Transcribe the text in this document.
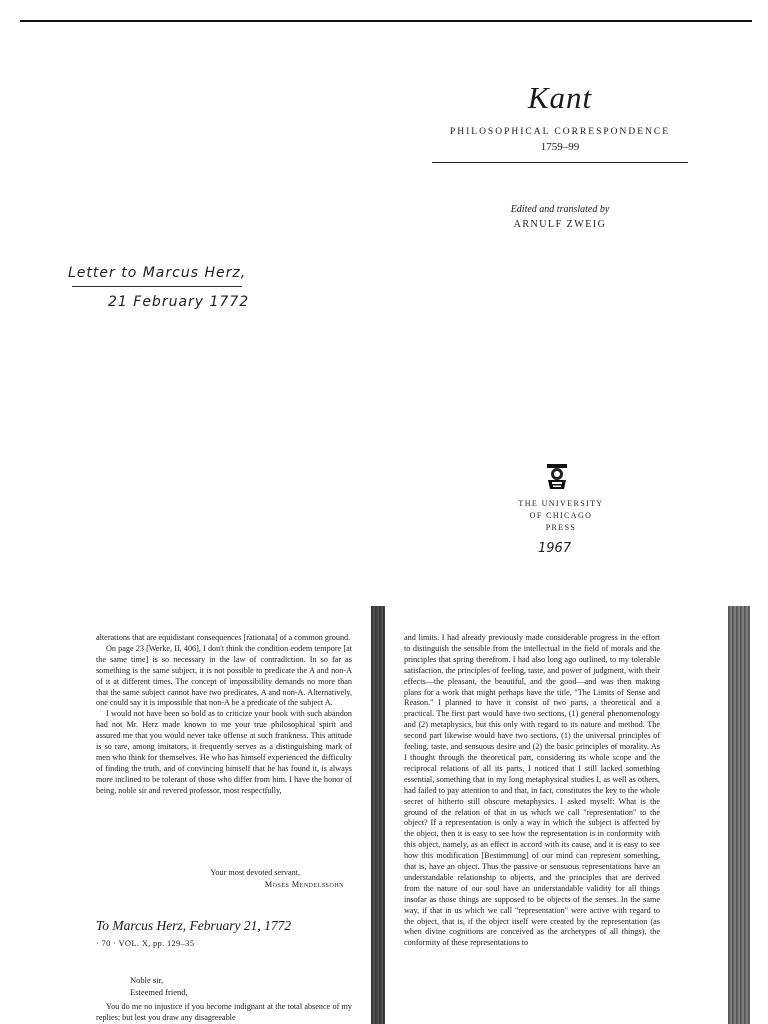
Kant
PHILOSOPHICAL CORRESPONDENCE
1759–99
Edited and translated by
ARNULF ZWEIG
Letter to Marcus Herz,
21 February 1772
THE UNIVERSITY
OF CHICAGO
PRESS
1967

alterations that are equidistant consequences [rationata] of a common ground.

On page 23 [Werke, II, 406], I don't think the condition eodem tempore [at the same time] is so necessary in the law of contradiction. In so far as something is the same subject, it is not possible to predicate the A and non-A of it at different times. The concept of impossibility demands no more than that the same subject cannot have two predicates, A and non-A. Alternatively, one could say it is impossible that non-A be a predicate of the subject A.

I would not have been so bold as to criticize your book with such abandon had not Mr. Herz made known to me your true philosophical spirit and assured me that you would never take offense at such frankness. This attitude is so rare, among imitators, it frequently serves as a distinguishing mark of men who think for themselves. He who has himself experienced the difficulty of finding the truth, and of convincing himself that he has found it, is always more inclined to be tolerant of those who differ from him. I have the honor of being, noble sir and revered professor, most respectfully,

Your most devoted servant,
Moses Mendelssohn
To Marcus Herz, February 21, 1772
· 70 · VOL. X, pp. 129–35
Noble sir,
Esteemed friend,
You do me no injustice if you become indignant at the total absence of my replies; but lest you draw any disagreeable
and limits. I had already previously made considerable progress in the effort to distinguish the sensible from the intellectual in the field of morals and the principles that spring therefrom. I had also long ago outlined, to my tolerable satisfaction, the principles of feeling, taste, and power of judgment, with their effects—the pleasant, the beautiful, and the good—and was then making plans for a work that might perhaps have the title, "The Limits of Sense and Reason." I planned to have it consist of two parts, a theoretical and a practical. The first part would have two sections, (1) general phenomenology and (2) metaphysics, but this only with regard to its nature and method. The second part likewise would have two sections, (1) the universal principles of feeling, taste, and sensuous desire and (2) the basic principles of morality. As I thought through the theoretical part, considering its whole scope and the reciprocal relations of all its parts, I noticed that I still lacked something essential, something that in my long metaphysical studies I, as well as others, had failed to pay attention to and that, in fact, constitutes the key to the whole secret of hitherto still obscure metaphysics. I asked myself: What is the ground of the relation of that in us which we call "representation" to the object? If a representation is only a way in which the subject is affected by the object, then it is easy to see how the representation is in conformity with this object, namely, as an effect in accord with its cause, and it is easy to see how this modification [Bestimmung] of our mind can represent something, that is, have an object. Thus the passive or sensuous representations have an understandable relationship to objects, and the principles that are derived from the nature of our soul have an understandable validity for all things insofar as those things are supposed to be objects of the senses. In the same way, if that in us which we call "representation" were active with regard to the object, that is, if the object itself were created by the representation (as when divine cognitions are conceived as the archetypes of all things), the conformity of these representations to
